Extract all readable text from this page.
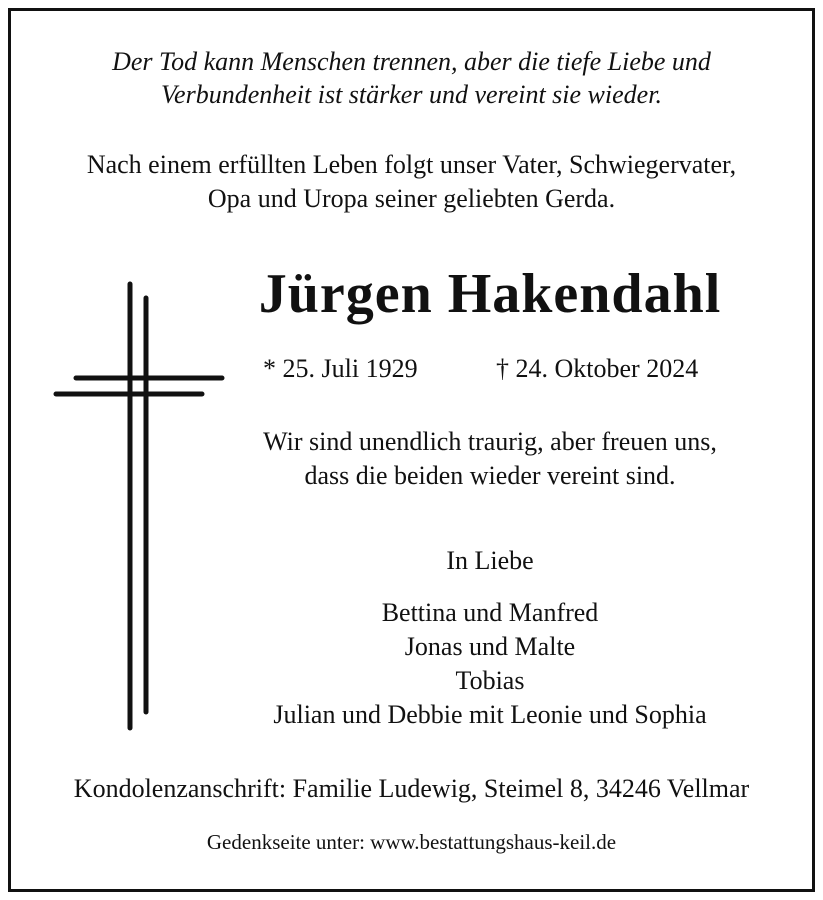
Der Tod kann Menschen trennen, aber die tiefe Liebe und
Verbundenheit ist stärker und vereint sie wieder.
Nach einem erfüllten Leben folgt unser Vater, Schwiegervater,
Opa und Uropa seiner geliebten Gerda.
Jürgen Hakendahl
* 25. Juli 1929	† 24. Oktober 2024
Wir sind unendlich traurig, aber freuen uns,
dass die beiden wieder vereint sind.
In Liebe
Bettina und Manfred
Jonas und Malte
Tobias
Julian und Debbie mit Leonie und Sophia
Kondolenzanschrift: Familie Ludewig, Steimel 8, 34246 Vellmar
Gedenkseite unter: www.bestattungshaus-keil.de
